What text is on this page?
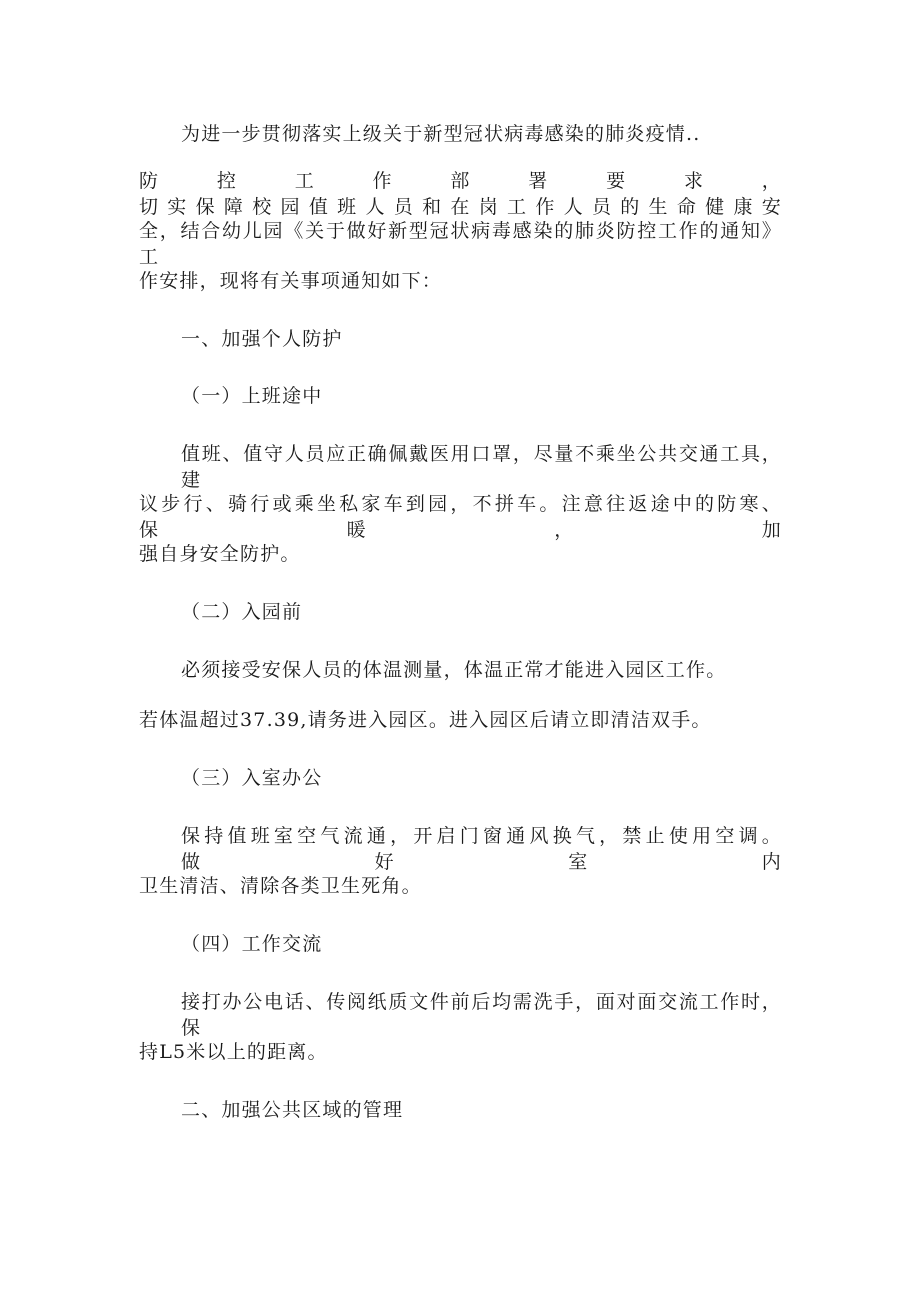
为进一步贯彻落实上级关于新型冠状病毒感染的肺炎疫情..
防控工作部署要求，切实保障校园值班人员和在岗工作人员的生命健康安
全，结合幼儿园《关于做好新型冠状病毒感染的肺炎防控工作的通知》工
作安排，现将有关事项通知如下：
一、加强个人防护
（一）上班途中
值班、值守人员应正确佩戴医用口罩，尽量不乘坐公共交通工具，建
议步行、骑行或乘坐私家车到园，不拼车。注意往返途中的防寒、保暖，加
强自身安全防护。
（二）入园前
必须接受安保人员的体温测量，体温正常才能进入园区工作。
若体温超过37.39,请务进入园区。进入园区后请立即清洁双手。
（三）入室办公
保持值班室空气流通，开启门窗通风换气，禁止使用空调。做好室内
卫生清洁、清除各类卫生死角。
（四）工作交流
接打办公电话、传阅纸质文件前后均需洗手，面对面交流工作时，保
持L5米以上的距离。
二、加强公共区域的管理
